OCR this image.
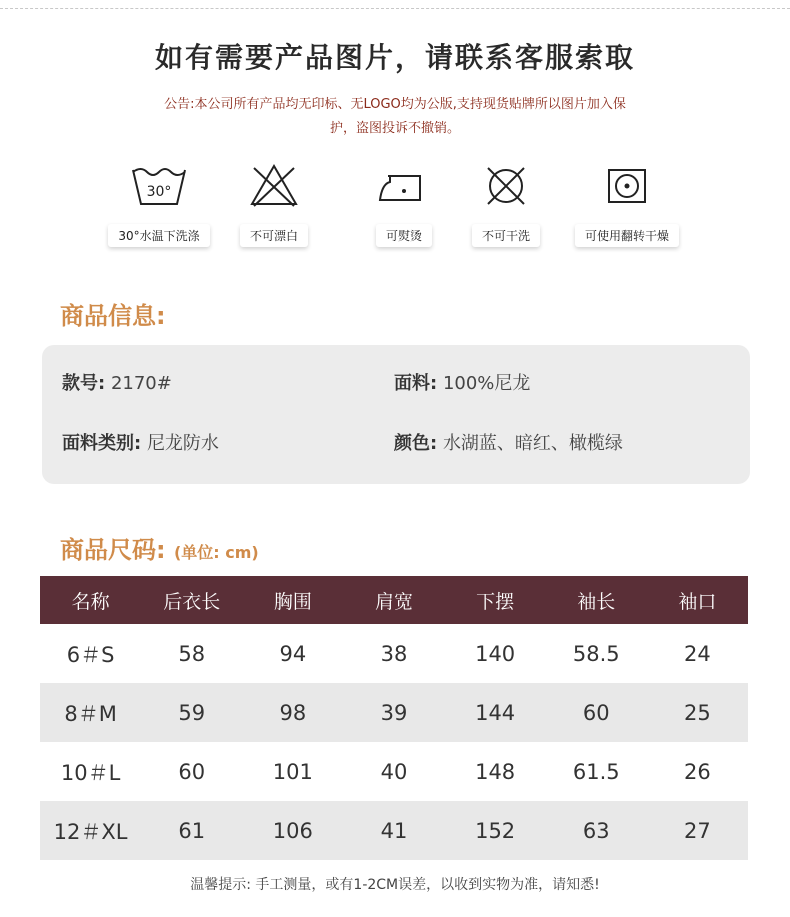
如有需要产品图片，请联系客服索取
公告:本公司所有产品均无印标、无LOGO均为公版,支持现货贴牌所以图片加入保
护，盗图投诉不撤销。
30°
30°水温下洗涤	不可漂白	可熨烫	不可干洗	可使用翻转干燥
商品信息:
款号: 2170#	面料: 100%尼龙
面料类别: 尼龙防水	颜色: 水湖蓝、暗红、橄榄绿
商品尺码: (单位: cm)
名称	后衣长	胸围	肩宽	下摆	袖长	袖口
6＃S	58	94	38	140	58.5	24
8＃M	59	98	39	144	60	25
10＃L	60	101	40	148	61.5	26
12＃XL	61	106	41	152	63	27
温馨提示: 手工测量，或有1-2CM误差，以收到实物为准，请知悉!
